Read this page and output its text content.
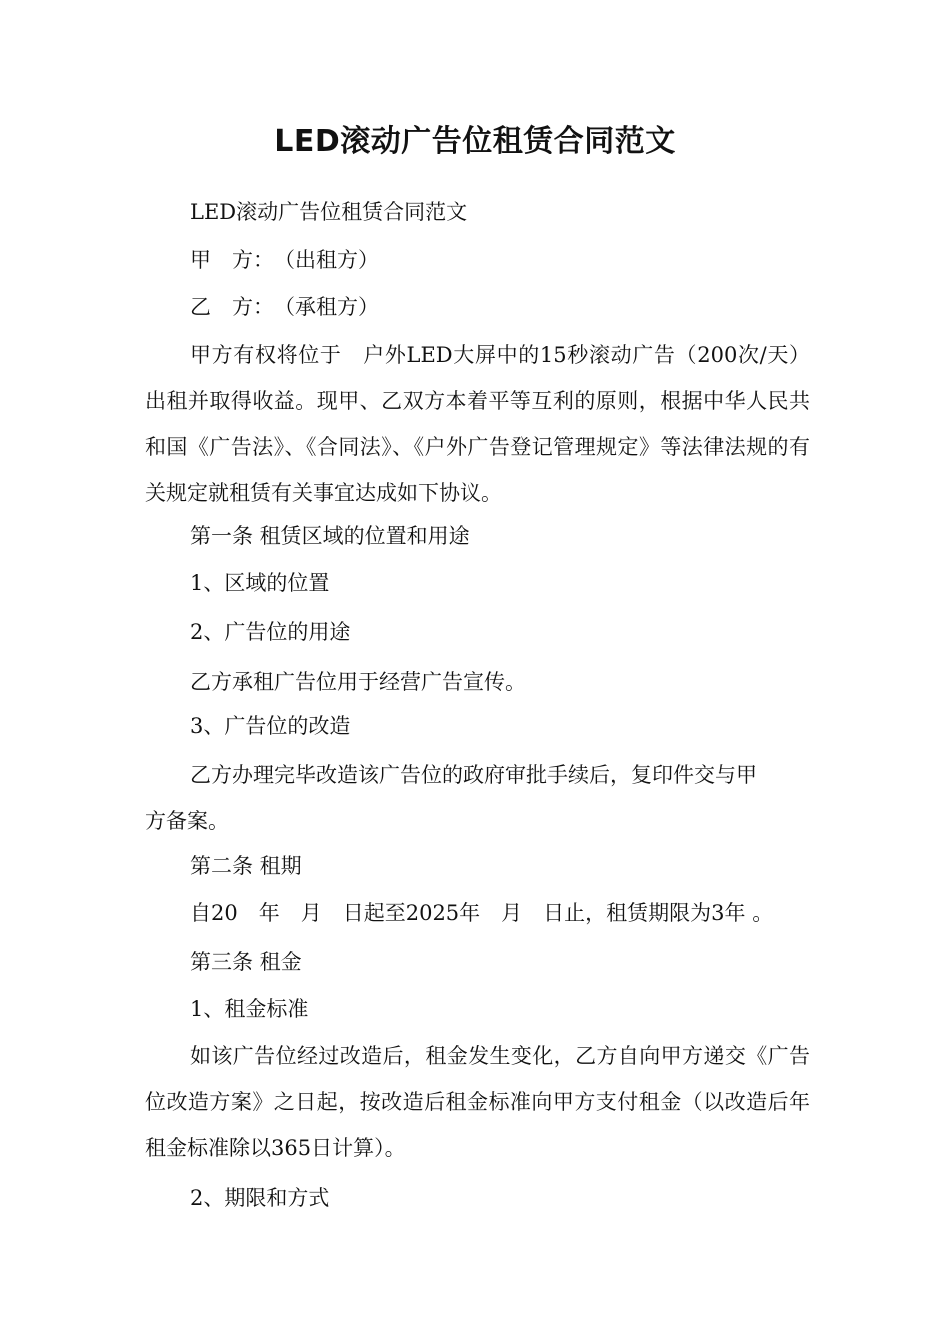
LED滚动广告位租赁合同范文
LED滚动广告位租赁合同范文
甲　方：　（出租方）
乙　方：　（承租方）
甲方有权将位于　户外LED大屏中的15秒滚动广告（200次/天）出租并取得收益。现甲、乙双方本着平等互利的原则，根据中华人民共和国《广告法》、《合同法》、《户外广告登记管理规定》等法律法规的有关规定就租赁有关事宜达成如下协议。
第一条 租赁区域的位置和用途
1、区域的位置
2、广告位的用途
乙方承租广告位用于经营广告宣传。
3、广告位的改造
乙方办理完毕改造该广告位的政府审批手续后，复印件交与甲
方备案。
第二条 租期
自20　年　月　日起至2025年　月　日止，租赁期限为3年 。
第三条 租金
1、租金标准
如该广告位经过改造后，租金发生变化，乙方自向甲方递交《广告位改造方案》之日起，按改造后租金标准向甲方支付租金（以改造后年租金标准除以365日计算）。
2、期限和方式
